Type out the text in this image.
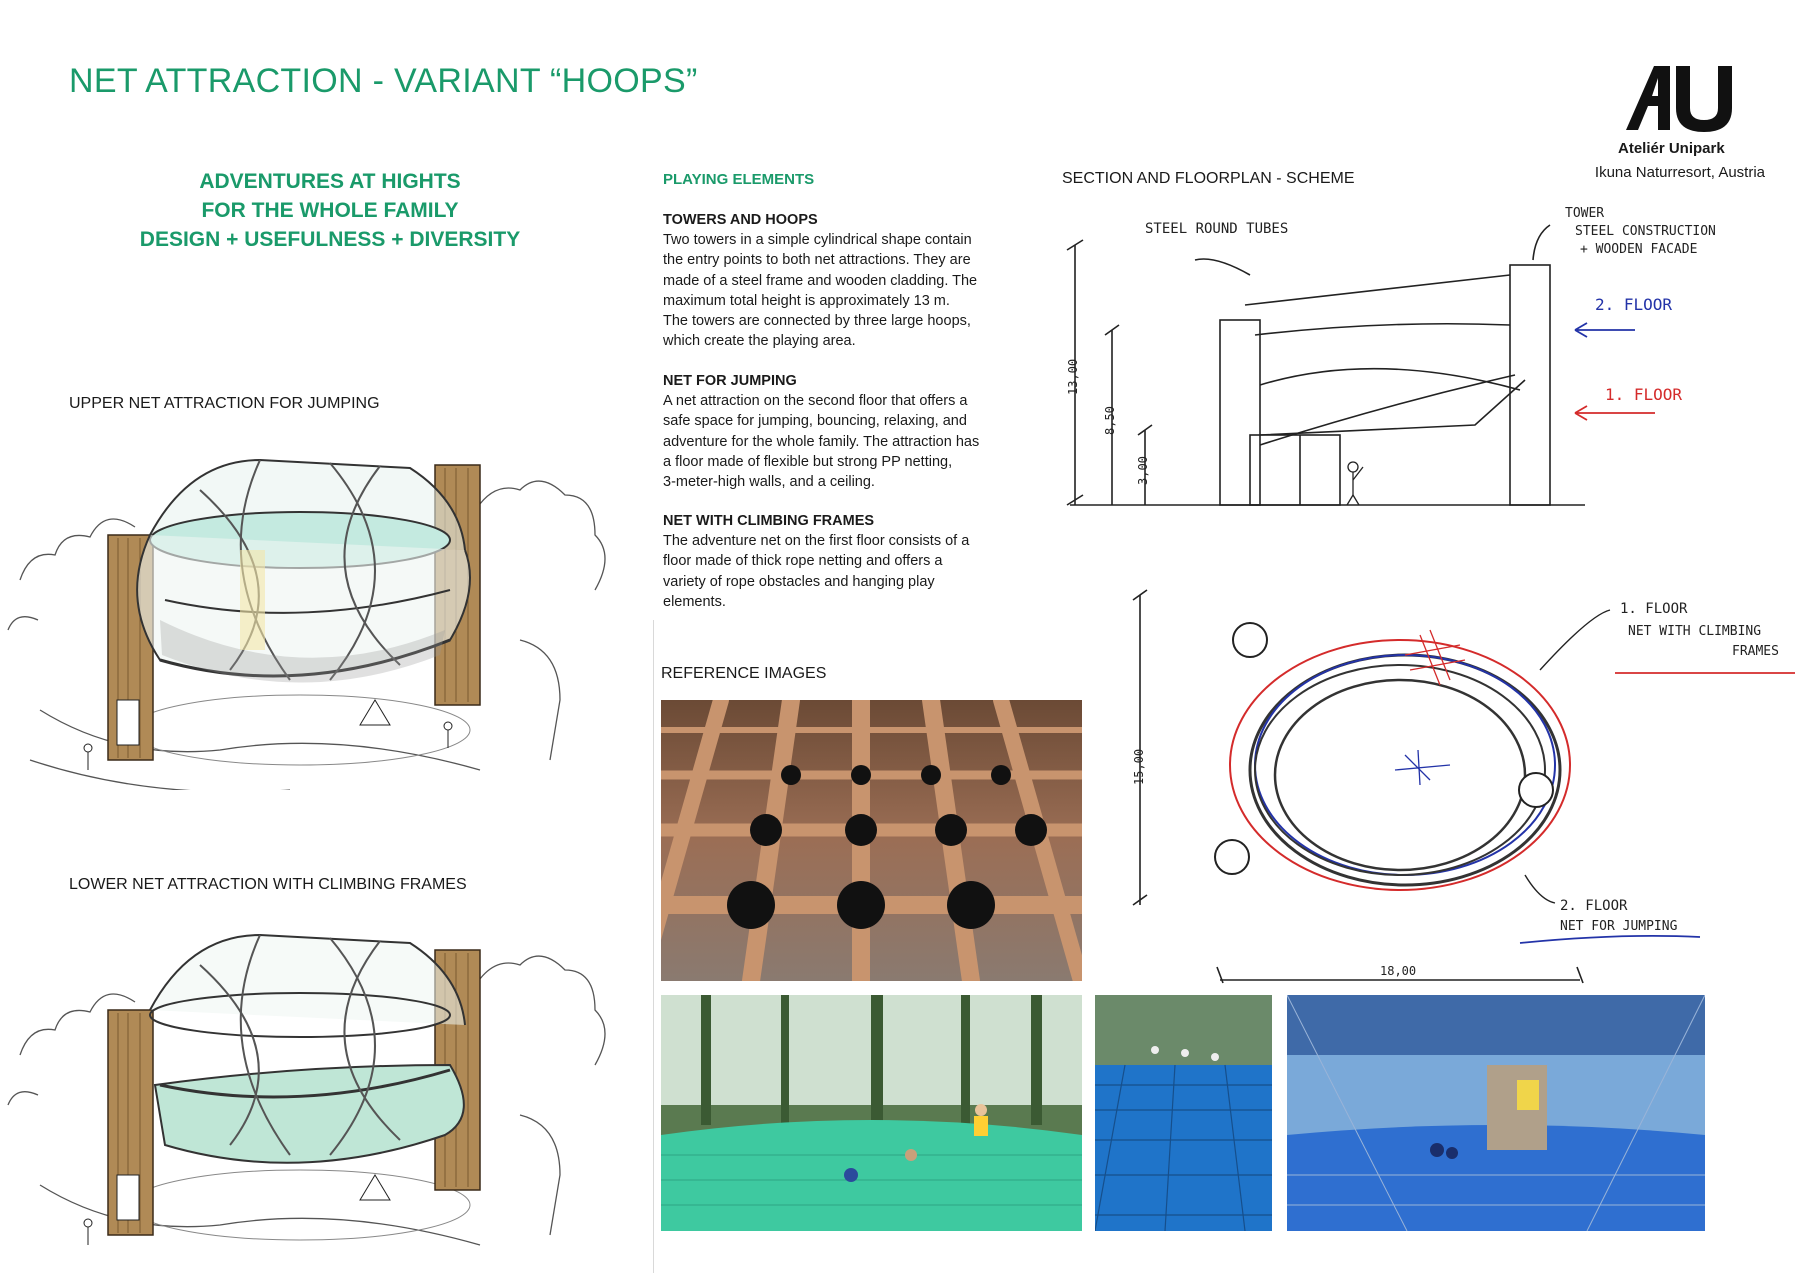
NET ATTRACTION - VARIANT “HOOPS”
ADVENTURES AT HIGHTS
FOR THE WHOLE FAMILY
DESIGN + USEFULNESS + DIVERSITY
Ateliér Unipark
Ikuna Naturresort, Austria
UPPER NET ATTRACTION FOR JUMPING
LOWER NET ATTRACTION WITH CLIMBING FRAMES
PLAYING ELEMENTS
TOWERS AND HOOPS

Two towers in a simple cylindrical shape contain

the entry points to both net attractions. They are

made of a steel frame and wooden cladding. The

maximum total height is approximately 13 m.

The towers are connected by three large hoops,

which create the playing area.

NET FOR JUMPING

A net attraction on the second floor that offers a

safe space for jumping, bouncing, relaxing, and

adventure for the whole family. The attraction has

a floor made of flexible but strong PP netting,

3-meter-high walls, and a ceiling.

NET WITH CLIMBING FRAMES

The adventure net on the first floor consists of a

floor made of thick rope netting and offers a

variety of rope obstacles and hanging play

elements.

REFERENCE IMAGES
SECTION AND FLOORPLAN - SCHEME
STEEL ROUND TUBES
TOWER
STEEL CONSTRUCTION
+ WOODEN FACADE
2. FLOOR
1. FLOOR
13,00
8,50
3,00
1. FLOOR
NET WITH CLIMBING
FRAMES
2. FLOOR
NET FOR JUMPING
15,00
18,00
